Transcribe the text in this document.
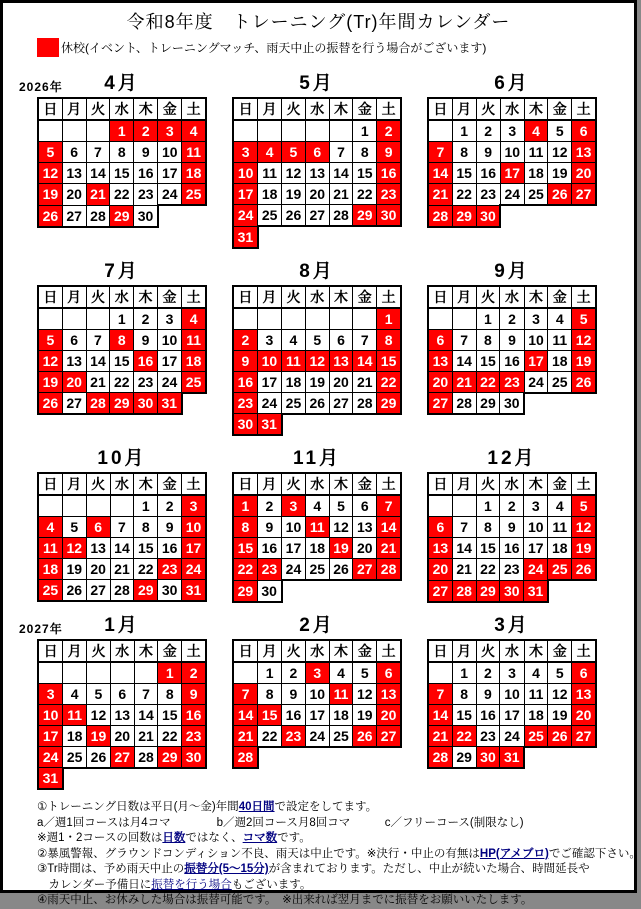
令和8年度　トレーニング(Tr)年間カレンダー
休校(イベント、トレーニングマッチ、雨天中止の振替を行う場合がございます)
2026年	4月
日	月	火	水	木	金	土
			1	2	3	4
5	6	7	8	9	10	11
12	13	14	15	16	17	18
19	20	21	22	23	24	25
26	27	28	29	30		
5月
日	月	火	水	木	金	土
					1	2
3	4	5	6	7	8	9
10	11	12	13	14	15	16
17	18	19	20	21	22	23
24	25	26	27	28	29	30
31						
6月
日	月	火	水	木	金	土
	1	2	3	4	5	6
7	8	9	10	11	12	13
14	15	16	17	18	19	20
21	22	23	24	25	26	27
28	29	30				
7月
日	月	火	水	木	金	土
			1	2	3	4
5	6	7	8	9	10	11
12	13	14	15	16	17	18
19	20	21	22	23	24	25
26	27	28	29	30	31	
8月
日	月	火	水	木	金	土
						1
2	3	4	5	6	7	8
9	10	11	12	13	14	15
16	17	18	19	20	21	22
23	24	25	26	27	28	29
30	31					
9月
日	月	火	水	木	金	土
		1	2	3	4	5
6	7	8	9	10	11	12
13	14	15	16	17	18	19
20	21	22	23	24	25	26
27	28	29	30			
10月
日	月	火	水	木	金	土
				1	2	3
4	5	6	7	8	9	10
11	12	13	14	15	16	17
18	19	20	21	22	23	24
25	26	27	28	29	30	31
11月
日	月	火	水	木	金	土
1	2	3	4	5	6	7
8	9	10	11	12	13	14
15	16	17	18	19	20	21
22	23	24	25	26	27	28
29	30					
12月
日	月	火	水	木	金	土
		1	2	3	4	5
6	7	8	9	10	11	12
13	14	15	16	17	18	19
20	21	22	23	24	25	26
27	28	29	30	31		
2027年	1月
日	月	火	水	木	金	土
					1	2
3	4	5	6	7	8	9
10	11	12	13	14	15	16
17	18	19	20	21	22	23
24	25	26	27	28	29	30
31						
2月
日	月	火	水	木	金	土
	1	2	3	4	5	6
7	8	9	10	11	12	13
14	15	16	17	18	19	20
21	22	23	24	25	26	27
28						
3月
日	月	火	水	木	金	土
	1	2	3	4	5	6
7	8	9	10	11	12	13
14	15	16	17	18	19	20
21	22	23	24	25	26	27
28	29	30	31			
①トレーニング日数は平日(月～金)年間40日間で設定をしてます。
a／週1回コースは月4コマ　　　　b／週2回コース月8回コマ　　　c／フリーコース(制限なし)
※週1・2コースの回数は日数ではなく、コマ数です。
②暴風警報、グラウンドコンディション不良、雨天は中止です。※決行・中止の有無はHP(アメブロ)でご確認下さい。
③Tr時間は、予め雨天中止の振替分(5～15分)が含まれております。ただし、中止が続いた場合、時間延長や
　カレンダー予備日に振替を行う場合もございます。
④雨天中止、お休みした場合は振替可能です。　※出来れば翌月までに振替をお願いいたします。
